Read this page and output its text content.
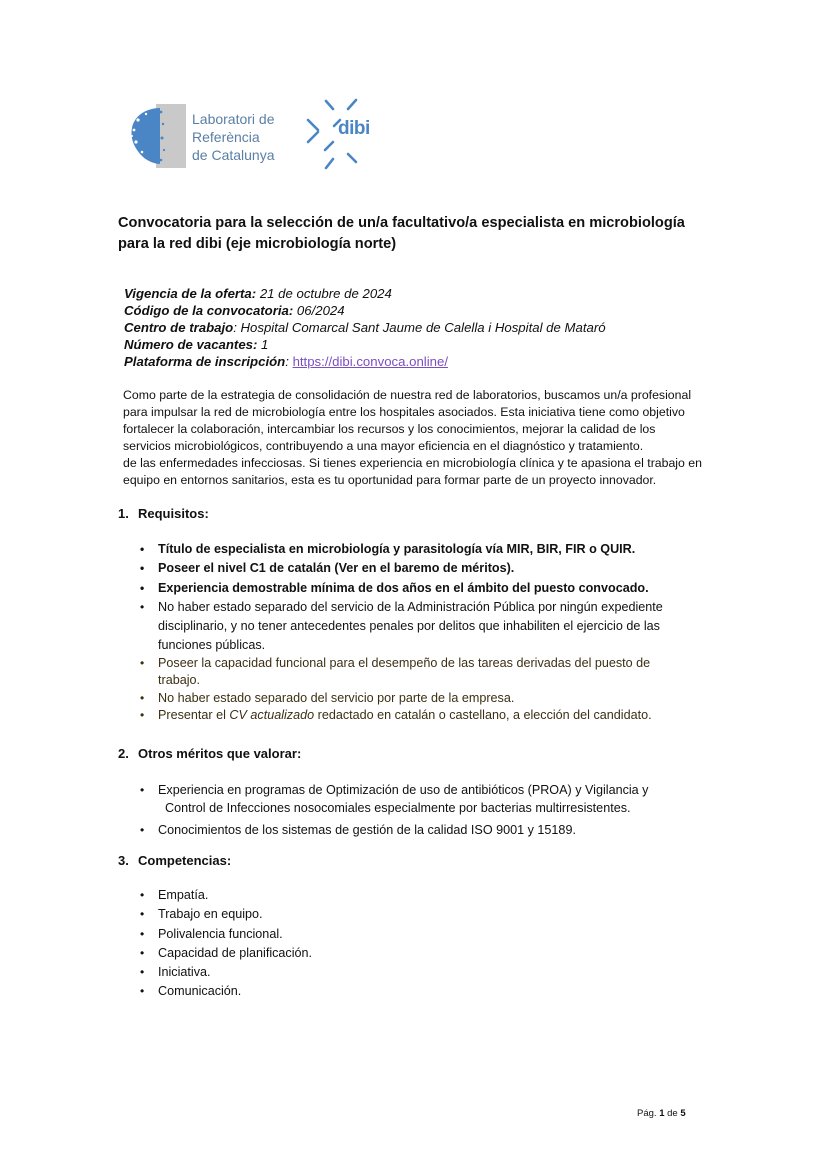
Laboratori de
Referència
de Catalunya
dibi
Convocatoria para la selección de un/a facultativo/a especialista en microbiología
para la red dibi (eje microbiología norte)
Vigencia de la oferta: 21 de octubre de 2024
Código de la convocatoria: 06/2024
Centro de trabajo: Hospital Comarcal Sant Jaume de Calella i Hospital de Mataró
Número de vacantes: 1
Plataforma de inscripción: https://dibi.convoca.online/
Como parte de la estrategia de consolidación de nuestra red de laboratorios, buscamos un/a profesional
para impulsar la red de microbiología entre los hospitales asociados. Esta iniciativa tiene como objetivo
fortalecer la colaboración, intercambiar los recursos y los conocimientos, mejorar la calidad de los
servicios microbiológicos, contribuyendo a una mayor eficiencia en el diagnóstico y tratamiento.
de las enfermedades infecciosas. Si tienes experiencia en microbiología clínica y te apasiona el trabajo en
equipo en entornos sanitarios, esta es tu oportunidad para formar parte de un proyecto innovador.
1. Requisitos:
• Título de especialista en microbiología y parasitología vía MIR, BIR, FIR o QUIR.
• Poseer el nivel C1 de catalán (Ver en el baremo de méritos).
• Experiencia demostrable mínima de dos años en el ámbito del puesto convocado.
• No haber estado separado del servicio de la Administración Pública por ningún expediente
disciplinario, y no tener antecedentes penales por delitos que inhabiliten el ejercicio de las
funciones públicas.
• Poseer la capacidad funcional para el desempeño de las tareas derivadas del puesto de
trabajo.
• No haber estado separado del servicio por parte de la empresa.
• Presentar el CV actualizado redactado en catalán o castellano, a elección del candidato.
2. Otros méritos que valorar:
• Experiencia en programas de Optimización de uso de antibióticos (PROA) y Vigilancia y
Control de Infecciones nosocomiales especialmente por bacterias multirresistentes.
• Conocimientos de los sistemas de gestión de la calidad ISO 9001 y 15189.
3. Competencias:
• Empatía.
• Trabajo en equipo.
• Polivalencia funcional.
• Capacidad de planificación.
• Iniciativa.
• Comunicación.
Pág. 1 de 5
